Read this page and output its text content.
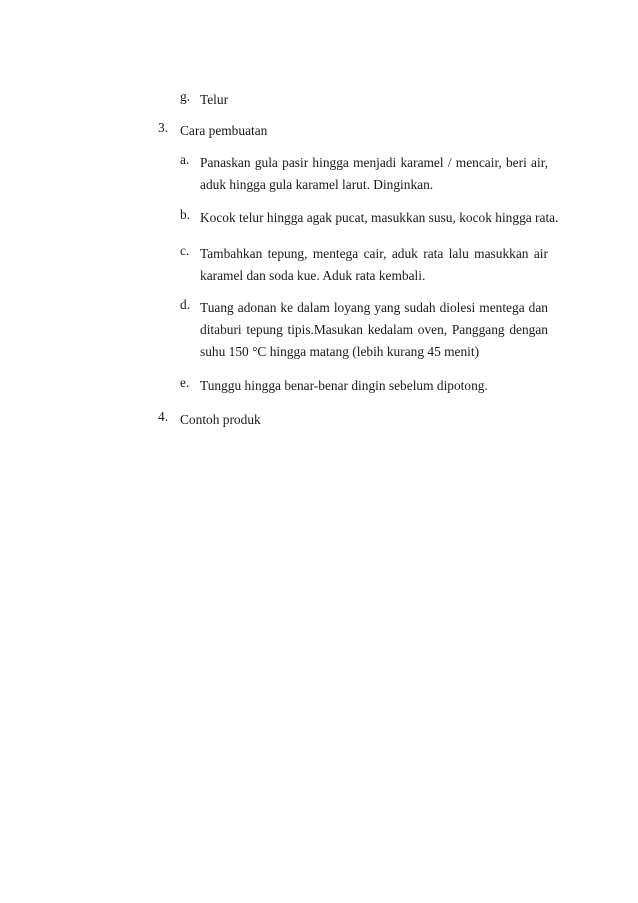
g. Telur
3. Cara pembuatan
a. Panaskan gula pasir hingga menjadi karamel / mencair, beri air, aduk hingga gula karamel larut. Dinginkan.
b. Kocok telur hingga agak pucat, masukkan susu, kocok hingga rata.
c. Tambahkan tepung, mentega cair, aduk rata lalu masukkan air karamel dan soda kue. Aduk rata kembali.
d. Tuang adonan ke dalam loyang yang sudah diolesi mentega dan ditaburi tepung tipis.Masukan kedalam oven, Panggang dengan suhu 150 °C hingga matang (lebih kurang 45 menit)
e. Tunggu hingga benar-benar dingin sebelum dipotong.
4. Contoh produk
